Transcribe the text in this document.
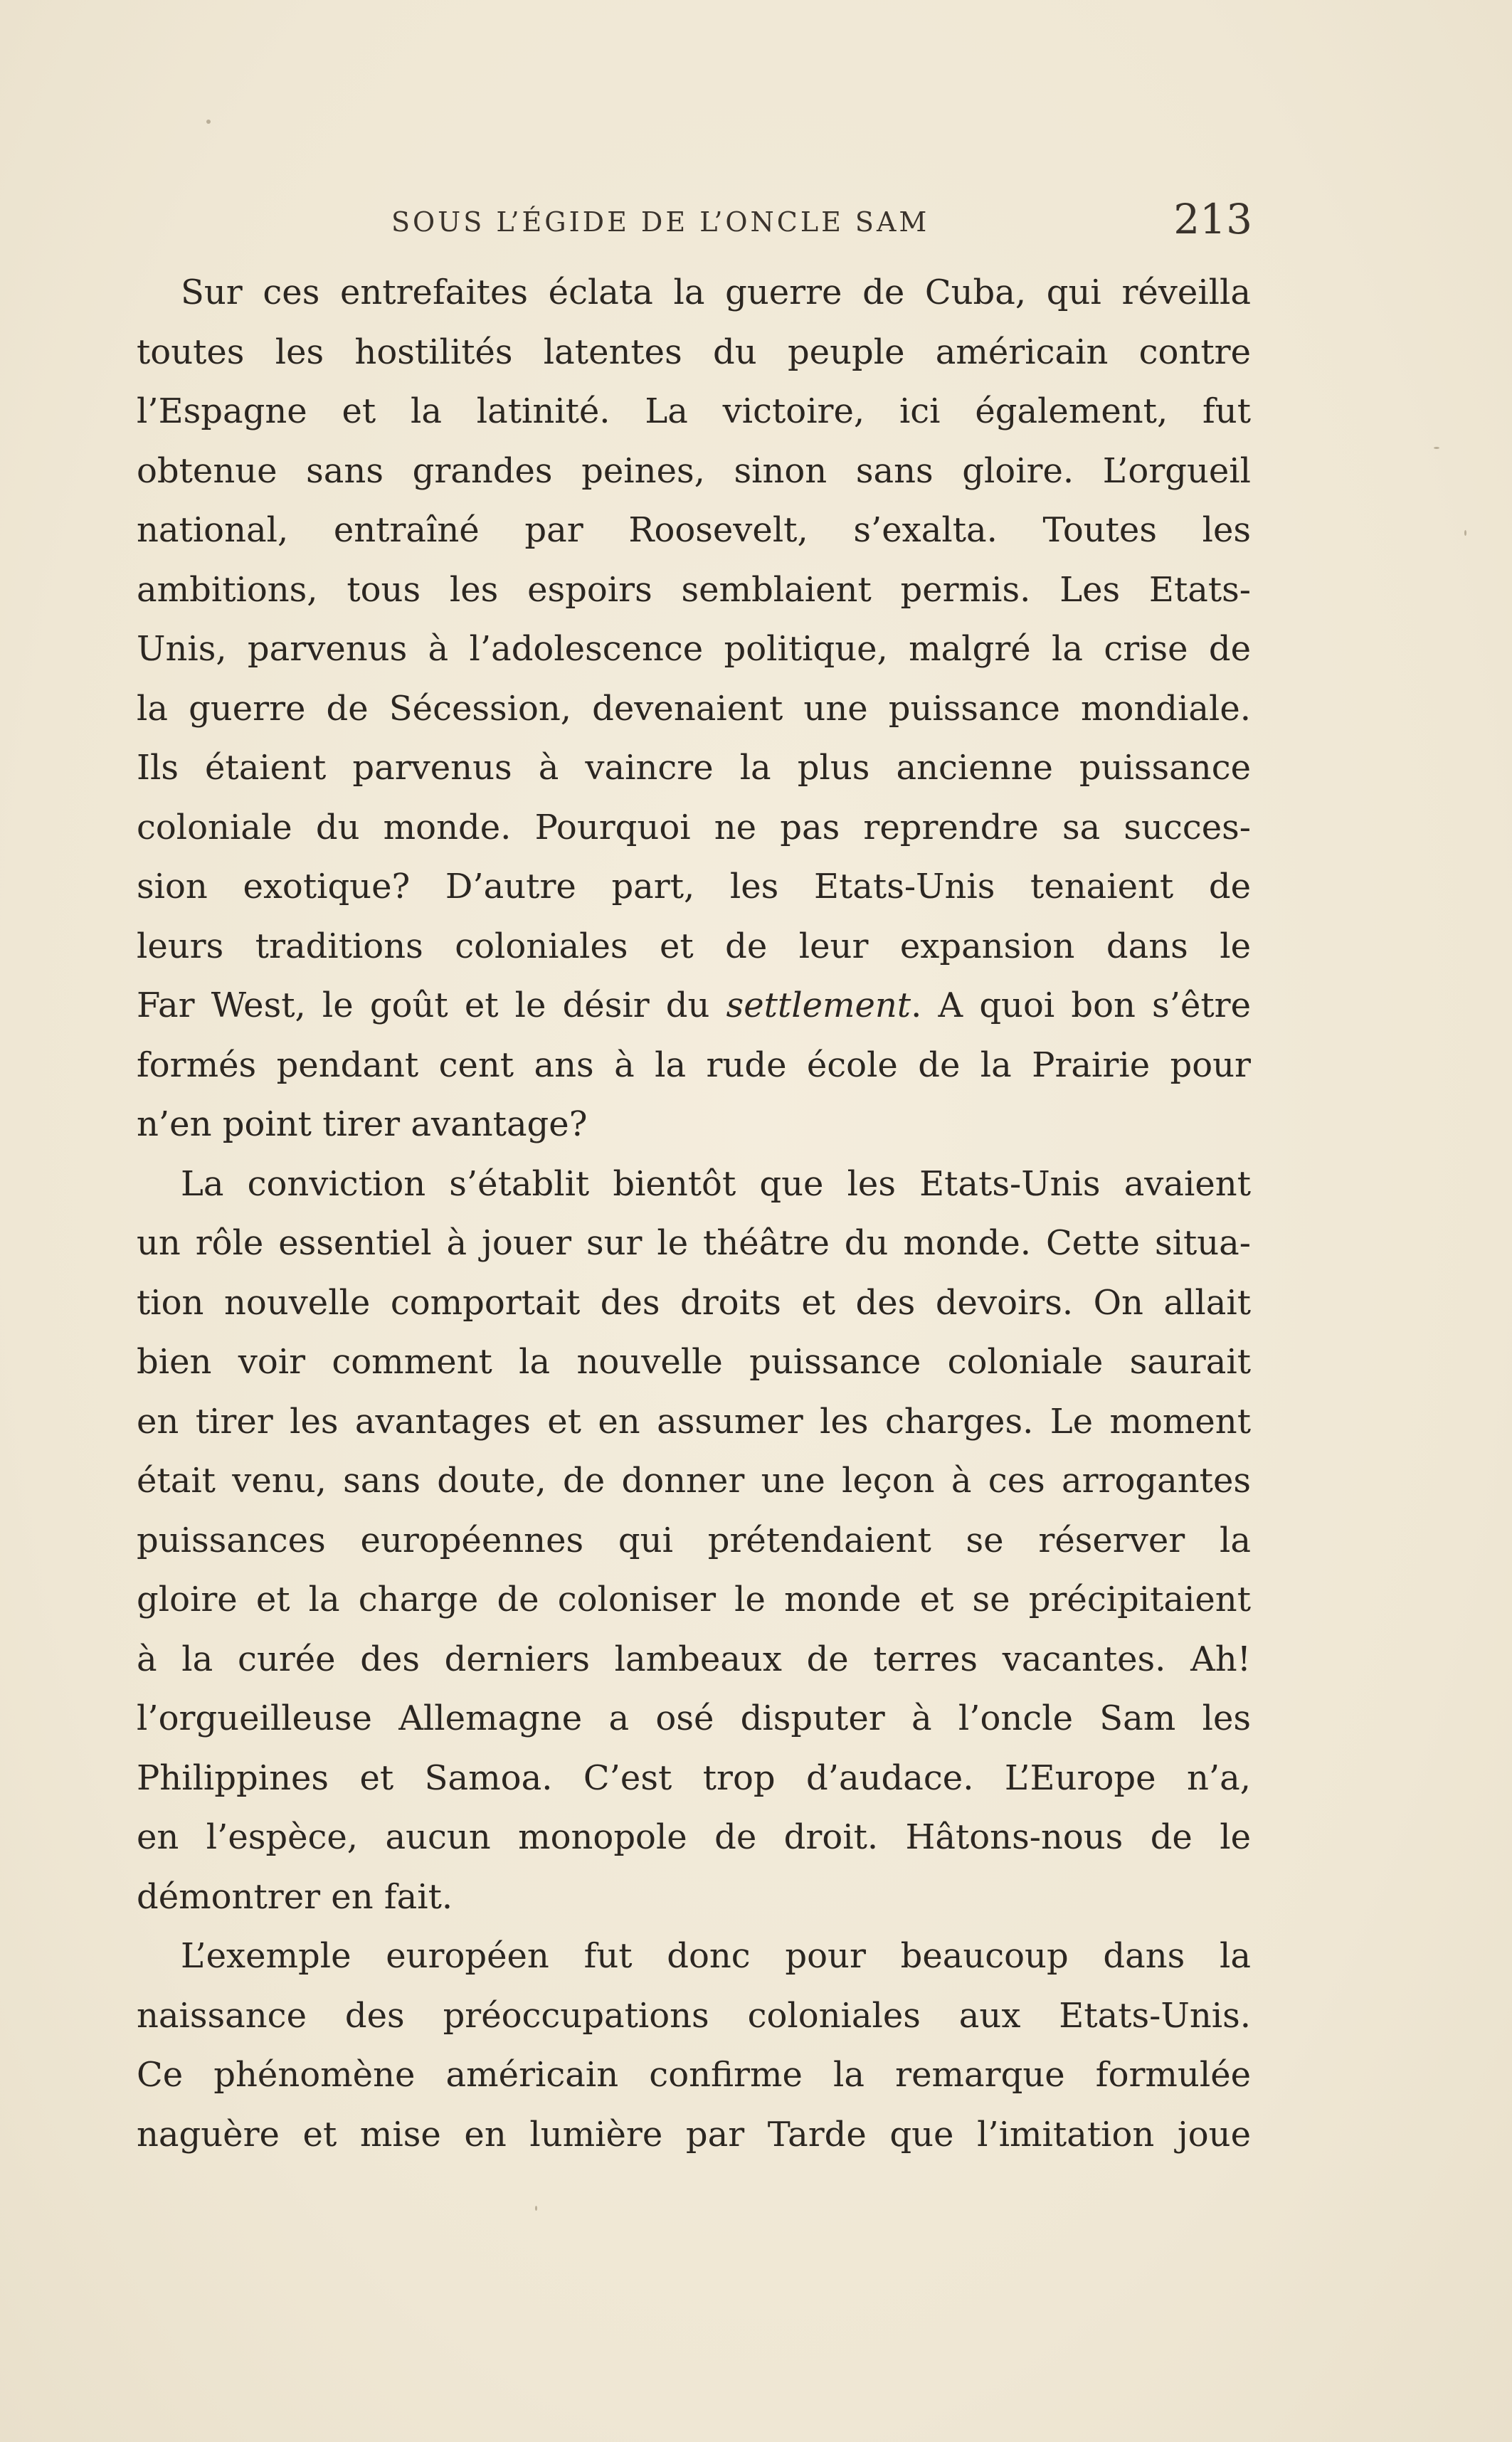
SOUS L’ÉGIDE DE L’ONCLE SAM	213
Sur ces entrefaites éclata la guerre de Cuba, qui réveilla
toutes les hostilités latentes du peuple américain contre
l’Espagne et la latinité. La victoire, ici également, fut
obtenue sans grandes peines, sinon sans gloire. L’orgueil
national, entraîné par Roosevelt, s’exalta. Toutes les
ambitions, tous les espoirs semblaient permis. Les Etats-
Unis, parvenus à l’adolescence politique, malgré la crise de
la guerre de Sécession, devenaient une puissance mondiale.
Ils étaient parvenus à vaincre la plus ancienne puissance
coloniale du monde. Pourquoi ne pas reprendre sa succes-
sion exotique? D’autre part, les Etats-Unis tenaient de
leurs traditions coloniales et de leur expansion dans le
Far West, le goût et le désir du settlement. A quoi bon s’être
formés pendant cent ans à la rude école de la Prairie pour
n’en point tirer avantage?
La conviction s’établit bientôt que les Etats-Unis avaient
un rôle essentiel à jouer sur le théâtre du monde. Cette situa-
tion nouvelle comportait des droits et des devoirs. On allait
bien voir comment la nouvelle puissance coloniale saurait
en tirer les avantages et en assumer les charges. Le moment
était venu, sans doute, de donner une leçon à ces arrogantes
puissances européennes qui prétendaient se réserver la
gloire et la charge de coloniser le monde et se précipitaient
à la curée des derniers lambeaux de terres vacantes. Ah!
l’orgueilleuse Allemagne a osé disputer à l’oncle Sam les
Philippines et Samoa. C’est trop d’audace. L’Europe n’a,
en l’espèce, aucun monopole de droit. Hâtons-nous de le
démontrer en fait.
L’exemple européen fut donc pour beaucoup dans la
naissance des préoccupations coloniales aux Etats-Unis.
Ce phénomène américain confirme la remarque formulée
naguère et mise en lumière par Tarde que l’imitation joue
